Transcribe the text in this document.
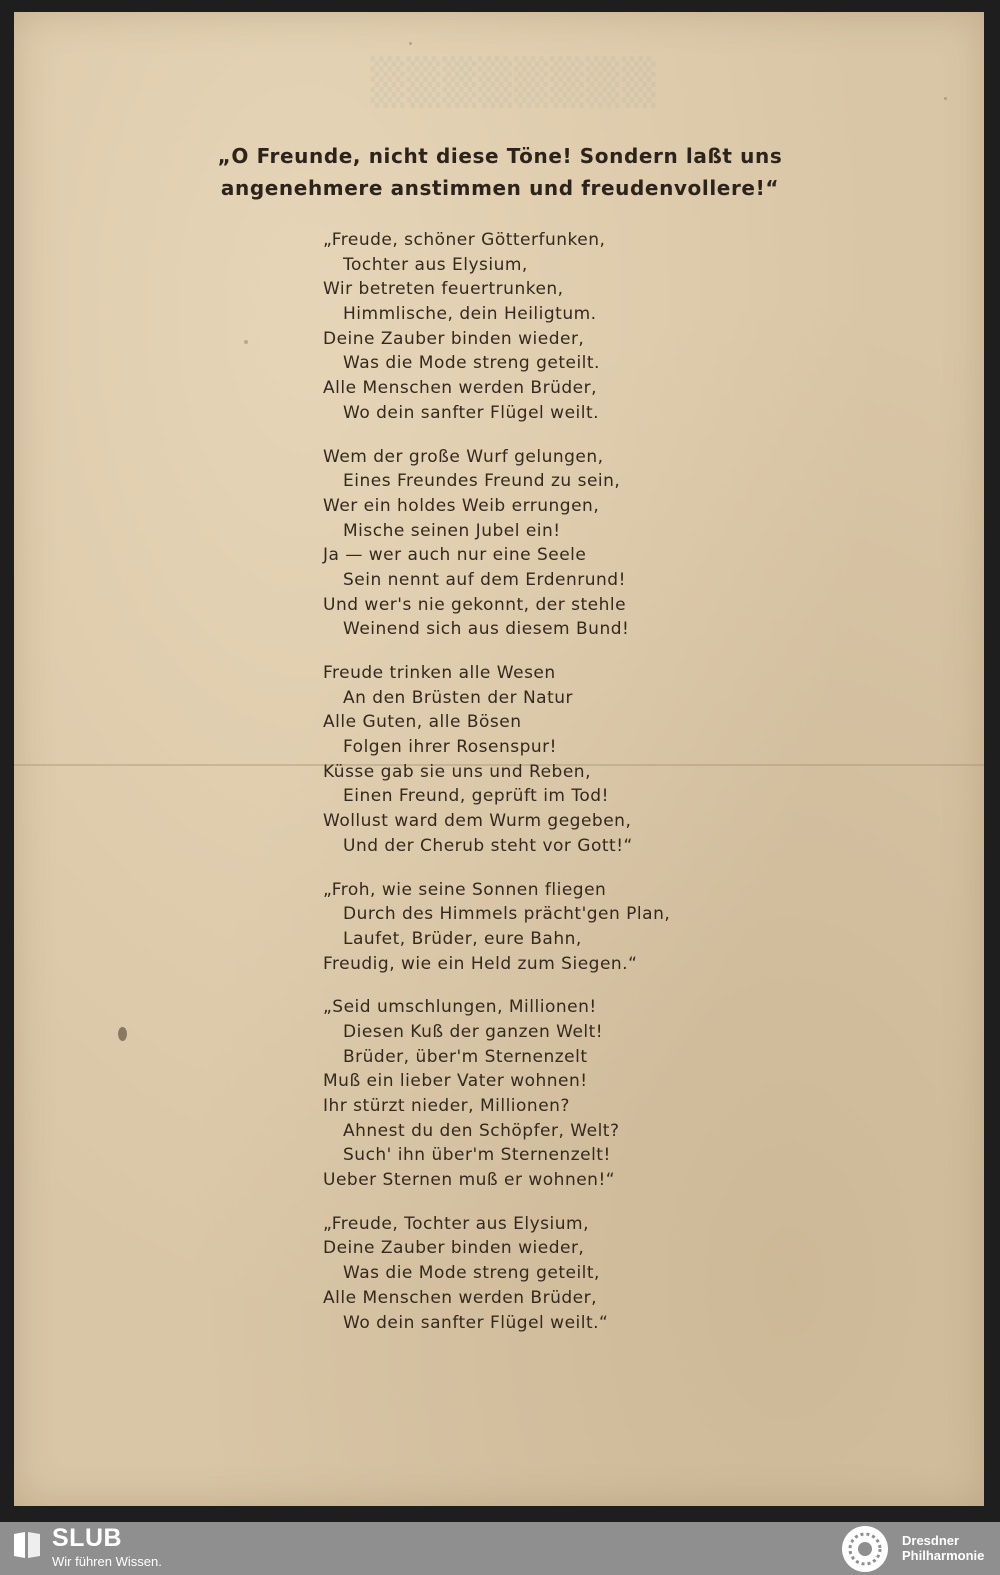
▒▒▒▒▒▒▒▒
„O Freunde, nicht diese Töne! Sondern laßt uns
angenehmere anstimmen und freudenvollere!“
„Freude, schöner Götterfunken,
Tochter aus Elysium,
Wir betreten feuertrunken,
Himmlische, dein Heiligtum.
Deine Zauber binden wieder,
Was die Mode streng geteilt.
Alle Menschen werden Brüder,
Wo dein sanfter Flügel weilt.
Wem der große Wurf gelungen,
Eines Freundes Freund zu sein,
Wer ein holdes Weib errungen,
Mische seinen Jubel ein!
Ja — wer auch nur eine Seele
Sein nennt auf dem Erdenrund!
Und wer's nie gekonnt, der stehle
Weinend sich aus diesem Bund!
Freude trinken alle Wesen
An den Brüsten der Natur
Alle Guten, alle Bösen
Folgen ihrer Rosenspur!
Küsse gab sie uns und Reben,
Einen Freund, geprüft im Tod!
Wollust ward dem Wurm gegeben,
Und der Cherub steht vor Gott!“
„Froh, wie seine Sonnen fliegen
Durch des Himmels prächt'gen Plan,
Laufet, Brüder, eure Bahn,
Freudig, wie ein Held zum Siegen.“
„Seid umschlungen, Millionen!
Diesen Kuß der ganzen Welt!
Brüder, über'm Sternenzelt
Muß ein lieber Vater wohnen!
Ihr stürzt nieder, Millionen?
Ahnest du den Schöpfer, Welt?
Such' ihn über'm Sternenzelt!
Ueber Sternen muß er wohnen!“
„Freude, Tochter aus Elysium,
Deine Zauber binden wieder,
Was die Mode streng geteilt,
Alle Menschen werden Brüder,
Wo dein sanfter Flügel weilt.“
SLUB
Wir führen Wissen.
Dresdner
Philharmonie
